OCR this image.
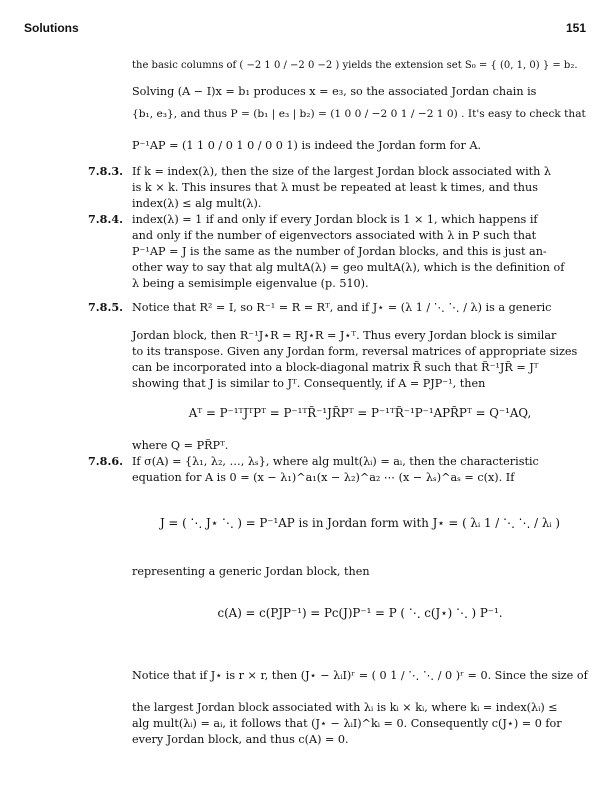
Solutions	151
the basic columns of ( −2 1 0 / −2 0 −2 ) yields the extension set S₀ = { (0, 1, 0) } = b₂.
Solving (A − I)x = b₁ produces x = e₃, so the associated Jordan chain is
{b₁, e₃}, and thus P = (b₁ | e₃ | b₂) = (1 0 0 / −2 0 1 / −2 1 0) . It's easy to check that
P⁻¹AP = (1 1 0 / 0 1 0 / 0 0 1) is indeed the Jordan form for A.
7.8.3. If k = index(λ), then the size of the largest Jordan block associated with λ
is k × k. This insures that λ must be repeated at least k times, and thus
index(λ) ≤ alg mult(λ).
7.8.4. index(λ) = 1 if and only if every Jordan block is 1 × 1, which happens if
and only if the number of eigenvectors associated with λ in P such that
P⁻¹AP = J is the same as the number of Jordan blocks, and this is just an-
other way to say that alg multA(λ) = geo multA(λ), which is the definition of
λ being a semisimple eigenvalue (p. 510).
7.8.5. Notice that R² = I, so R⁻¹ = R = Rᵀ, and if J⋆ = (λ 1 / ⋱ ⋱ / λ) is a generic
Jordan block, then R⁻¹J⋆R = RJ⋆R = J⋆ᵀ. Thus every Jordan block is similar
to its transpose. Given any Jordan form, reversal matrices of appropriate sizes
can be incorporated into a block-diagonal matrix R̃ such that R̃⁻¹JR̃ = Jᵀ
showing that J is similar to Jᵀ. Consequently, if A = PJP⁻¹, then
Aᵀ = P⁻¹ᵀJᵀPᵀ = P⁻¹ᵀR̃⁻¹JR̃Pᵀ = P⁻¹ᵀR̃⁻¹P⁻¹APR̃Pᵀ = Q⁻¹AQ,
where Q = PR̃Pᵀ.
7.8.6. If σ(A) = {λ₁, λ₂, …, λₛ}, where alg mult(λᵢ) = aᵢ, then the characteristic
equation for A is 0 = (x − λ₁)^a₁(x − λ₂)^a₂ ⋯ (x − λₛ)^aₛ = c(x). If
J = ( ⋱ J⋆ ⋱ ) = P⁻¹AP is in Jordan form with J⋆ = ( λᵢ 1 / ⋱ ⋱ / λᵢ )
representing a generic Jordan block, then
c(A) = c(PJP⁻¹) = Pc(J)P⁻¹ = P ( ⋱ c(J⋆) ⋱ ) P⁻¹.
Notice that if J⋆ is r × r, then (J⋆ − λᵢI)ʳ = ( 0 1 / ⋱ ⋱ / 0 )ʳ = 0. Since the size of
the largest Jordan block associated with λᵢ is kᵢ × kᵢ, where kᵢ = index(λᵢ) ≤
alg mult(λᵢ) = aᵢ, it follows that (J⋆ − λᵢI)^kᵢ = 0. Consequently c(J⋆) = 0 for
every Jordan block, and thus c(A) = 0.
